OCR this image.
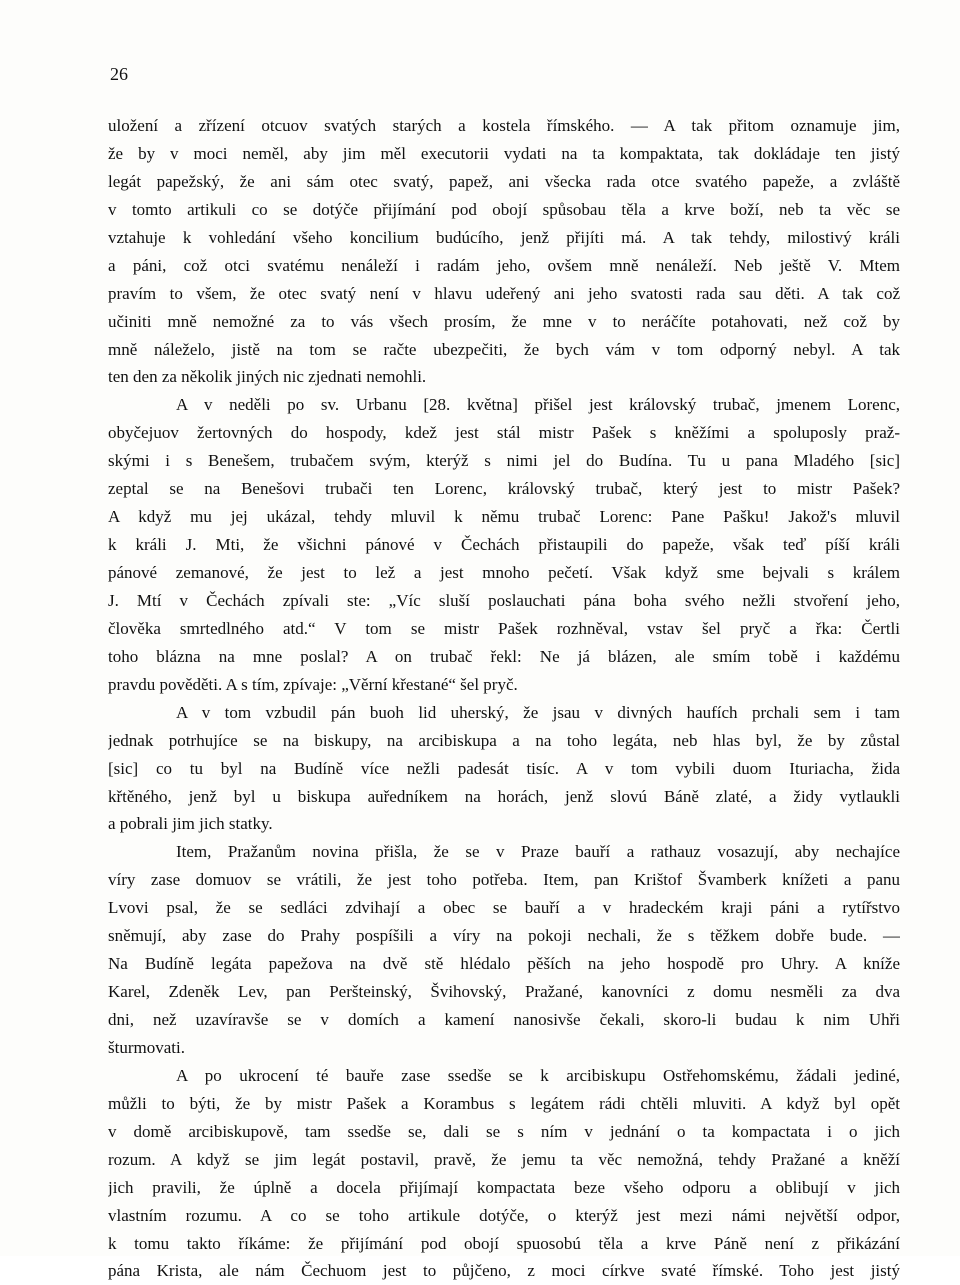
26
uložení a zřízení otcuov svatých starých a kostela římského. — A tak přitom oznamuje jim,
že by v moci neměl, aby jim měl executorii vydati na ta kompaktata, tak dokládaje ten jistý
legát papežský, že ani sám otec svatý, papež, ani všecka rada otce svatého papeže, a zvláště
v tomto artikuli co se dotýče přijímání pod obojí spůsobau těla a krve boží, neb ta věc se
vztahuje k vohledání všeho koncilium budúcího, jenž přijíti má. A tak tehdy, milostivý králi
a páni, což otci svatému nenáleží i radám jeho, ovšem mně nenáleží. Neb ještě V. Mtem
pravím to všem, že otec svatý není v hlavu udeřený ani jeho svatosti rada sau děti. A tak což
učiniti mně nemožné za to vás všech prosím, že mne v to neráčíte potahovati, než což by
mně náleželo, jistě na tom se račte ubezpečiti, že bych vám v tom odporný nebyl. A tak
ten den za několik jiných nic zjednati nemohli.
A v neděli po sv. Urbanu [28. května] přišel jest královský trubač, jmenem Lorenc,
obyčejuov žertovných do hospody, kdež jest stál mistr Pašek s kněžími a spoluposly praž-
skými i s Benešem, trubačem svým, kterýž s nimi jel do Budína. Tu u pana Mladého [sic]
zeptal se na Benešovi trubači ten Lorenc, královský trubač, který jest to mistr Pašek?
A když mu jej ukázal, tehdy mluvil k němu trubač Lorenc: Pane Pašku! Jakož's mluvil
k králi J. Mti, že všichni pánové v Čechách přistaupili do papeže, však teď píší králi
pánové zemanové, že jest to lež a jest mnoho pečetí. Však když sme bejvali s králem
J. Mtí v Čechách zpívali ste: „Víc sluší poslauchati pána boha svého nežli stvoření jeho,
člověka smrtedlného atd.“ V tom se mistr Pašek rozhněval, vstav šel pryč a řka: Čertli
toho blázna na mne poslal? A on trubač řekl: Ne já blázen, ale smím tobě i každému
pravdu pověděti. A s tím, zpívaje: „Věrní křestané“ šel pryč.
A v tom vzbudil pán buoh lid uherský, že jsau v divných haufích prchali sem i tam
jednak potrhujíce se na biskupy, na arcibiskupa a na toho legáta, neb hlas byl, že by zůstal
[sic] co tu byl na Budíně více nežli padesát tisíc. A v tom vybili duom Ituriacha, žida
křtěného, jenž byl u biskupa auředníkem na horách, jenž slovú Báně zlaté, a židy vytlaukli
a pobrali jim jich statky.
Item, Pražanům novina přišla, že se v Praze bauří a rathauz vosazují, aby nechajíce
víry zase domuov se vrátili, že jest toho potřeba. Item, pan Krištof Švamberk knížeti a panu
Lvovi psal, že se sedláci zdvihají a obec se bauří a v hradeckém kraji páni a rytířstvo
sněmují, aby zase do Prahy pospíšili a víry na pokoji nechali, že s těžkem dobře bude. —
Na Budíně legáta papežova na dvě stě hlédalo pěších na jeho hospodě pro Uhry. A kníže
Karel, Zdeněk Lev, pan Peršteinský, Švihovský, Pražané, kanovníci z domu nesměli za dva
dni, než uzavíravše se v domích a kamení nanosivše čekali, skoro-li budau k nim Uhři
šturmovati.
A po ukrocení té bauře zase ssedše se k arcibiskupu Ostřehomskému, žádali jediné,
můžli to býti, že by mistr Pašek a Korambus s legátem rádi chtěli mluviti. A když byl opět
v domě arcibiskupově, tam ssedše se, dali se s ním v jednání o ta kompactata i o jich
rozum. A když se jim legát postavil, pravě, že jemu ta věc nemožná, tehdy Pražané a kněží
jich pravili, že úplně a docela přijímají kompactata beze všeho odporu a oblibují v jich
vlastním rozumu. A co se toho artikule dotýče, o kterýž jest mezi námi největší odpor,
k tomu takto říkáme: že přijímání pod obojí spuosobú těla a krve Páně není z přikázání
pána Krista, ale nám Čechuom jest to půjčeno, z moci církve svaté římské. Toho jest jistý
